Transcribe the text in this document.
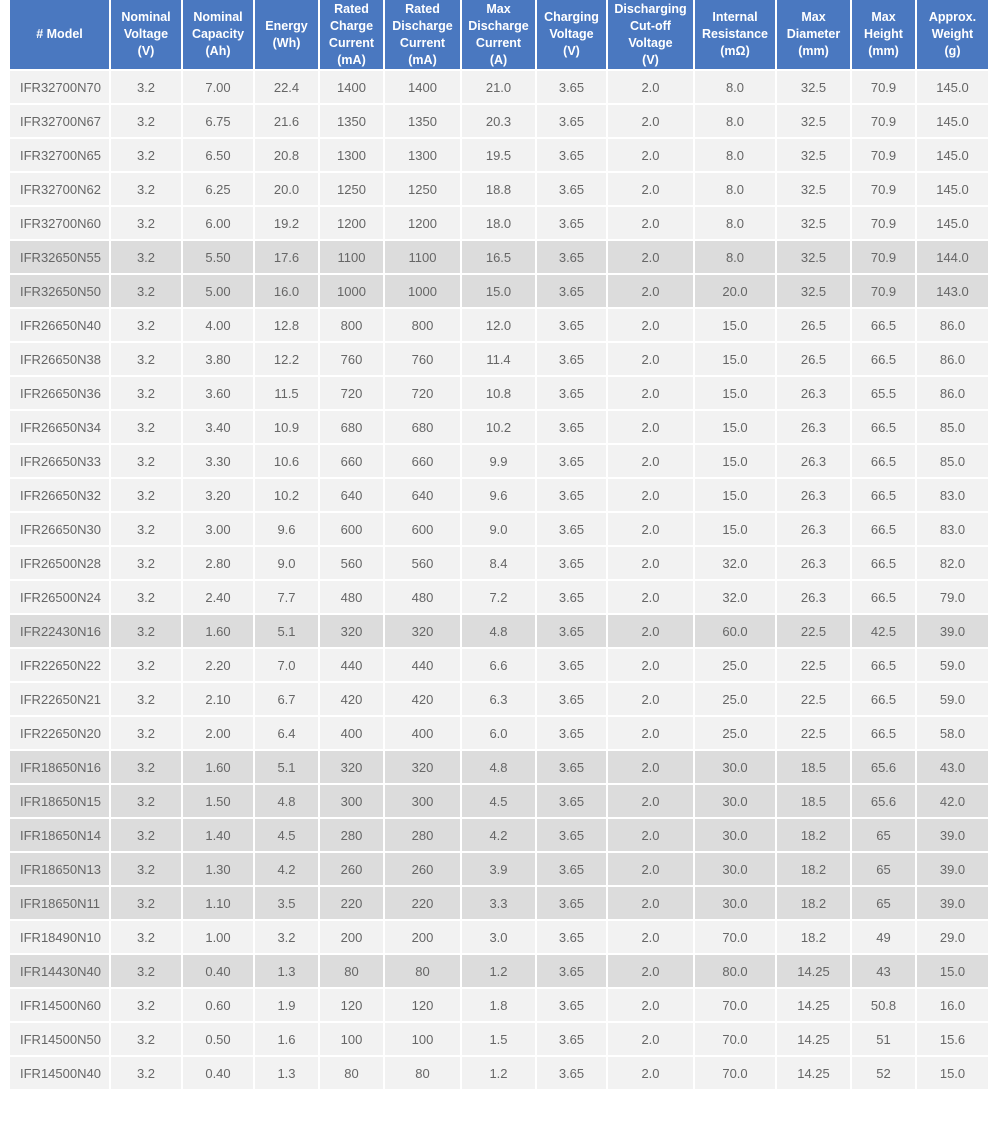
# Model	Nominal
Voltage
(V)	Nominal
Capacity
(Ah)	Energy
(Wh)	Rated
Charge
Current
(mA)	Rated
Discharge
Current
(mA)	Max
Discharge
Current
(A)	Charging
Voltage
(V)	Discharging
Cut-off
Voltage
(V)	Internal
Resistance
(mΩ)	Max
Diameter
(mm)	Max
Height
(mm)	Approx.
Weight
(g)
IFR32700N70	3.2	7.00	22.4	1400	1400	21.0	3.65	2.0	8.0	32.5	70.9	145.0
IFR32700N67	3.2	6.75	21.6	1350	1350	20.3	3.65	2.0	8.0	32.5	70.9	145.0
IFR32700N65	3.2	6.50	20.8	1300	1300	19.5	3.65	2.0	8.0	32.5	70.9	145.0
IFR32700N62	3.2	6.25	20.0	1250	1250	18.8	3.65	2.0	8.0	32.5	70.9	145.0
IFR32700N60	3.2	6.00	19.2	1200	1200	18.0	3.65	2.0	8.0	32.5	70.9	145.0
IFR32650N55	3.2	5.50	17.6	1100	1100	16.5	3.65	2.0	8.0	32.5	70.9	144.0
IFR32650N50	3.2	5.00	16.0	1000	1000	15.0	3.65	2.0	20.0	32.5	70.9	143.0
IFR26650N40	3.2	4.00	12.8	800	800	12.0	3.65	2.0	15.0	26.5	66.5	86.0
IFR26650N38	3.2	3.80	12.2	760	760	11.4	3.65	2.0	15.0	26.5	66.5	86.0
IFR26650N36	3.2	3.60	11.5	720	720	10.8	3.65	2.0	15.0	26.3	65.5	86.0
IFR26650N34	3.2	3.40	10.9	680	680	10.2	3.65	2.0	15.0	26.3	66.5	85.0
IFR26650N33	3.2	3.30	10.6	660	660	9.9	3.65	2.0	15.0	26.3	66.5	85.0
IFR26650N32	3.2	3.20	10.2	640	640	9.6	3.65	2.0	15.0	26.3	66.5	83.0
IFR26650N30	3.2	3.00	9.6	600	600	9.0	3.65	2.0	15.0	26.3	66.5	83.0
IFR26500N28	3.2	2.80	9.0	560	560	8.4	3.65	2.0	32.0	26.3	66.5	82.0
IFR26500N24	3.2	2.40	7.7	480	480	7.2	3.65	2.0	32.0	26.3	66.5	79.0
IFR22430N16	3.2	1.60	5.1	320	320	4.8	3.65	2.0	60.0	22.5	42.5	39.0
IFR22650N22	3.2	2.20	7.0	440	440	6.6	3.65	2.0	25.0	22.5	66.5	59.0
IFR22650N21	3.2	2.10	6.7	420	420	6.3	3.65	2.0	25.0	22.5	66.5	59.0
IFR22650N20	3.2	2.00	6.4	400	400	6.0	3.65	2.0	25.0	22.5	66.5	58.0
IFR18650N16	3.2	1.60	5.1	320	320	4.8	3.65	2.0	30.0	18.5	65.6	43.0
IFR18650N15	3.2	1.50	4.8	300	300	4.5	3.65	2.0	30.0	18.5	65.6	42.0
IFR18650N14	3.2	1.40	4.5	280	280	4.2	3.65	2.0	30.0	18.2	65	39.0
IFR18650N13	3.2	1.30	4.2	260	260	3.9	3.65	2.0	30.0	18.2	65	39.0
IFR18650N11	3.2	1.10	3.5	220	220	3.3	3.65	2.0	30.0	18.2	65	39.0
IFR18490N10	3.2	1.00	3.2	200	200	3.0	3.65	2.0	70.0	18.2	49	29.0
IFR14430N40	3.2	0.40	1.3	80	80	1.2	3.65	2.0	80.0	14.25	43	15.0
IFR14500N60	3.2	0.60	1.9	120	120	1.8	3.65	2.0	70.0	14.25	50.8	16.0
IFR14500N50	3.2	0.50	1.6	100	100	1.5	3.65	2.0	70.0	14.25	51	15.6
IFR14500N40	3.2	0.40	1.3	80	80	1.2	3.65	2.0	70.0	14.25	52	15.0
